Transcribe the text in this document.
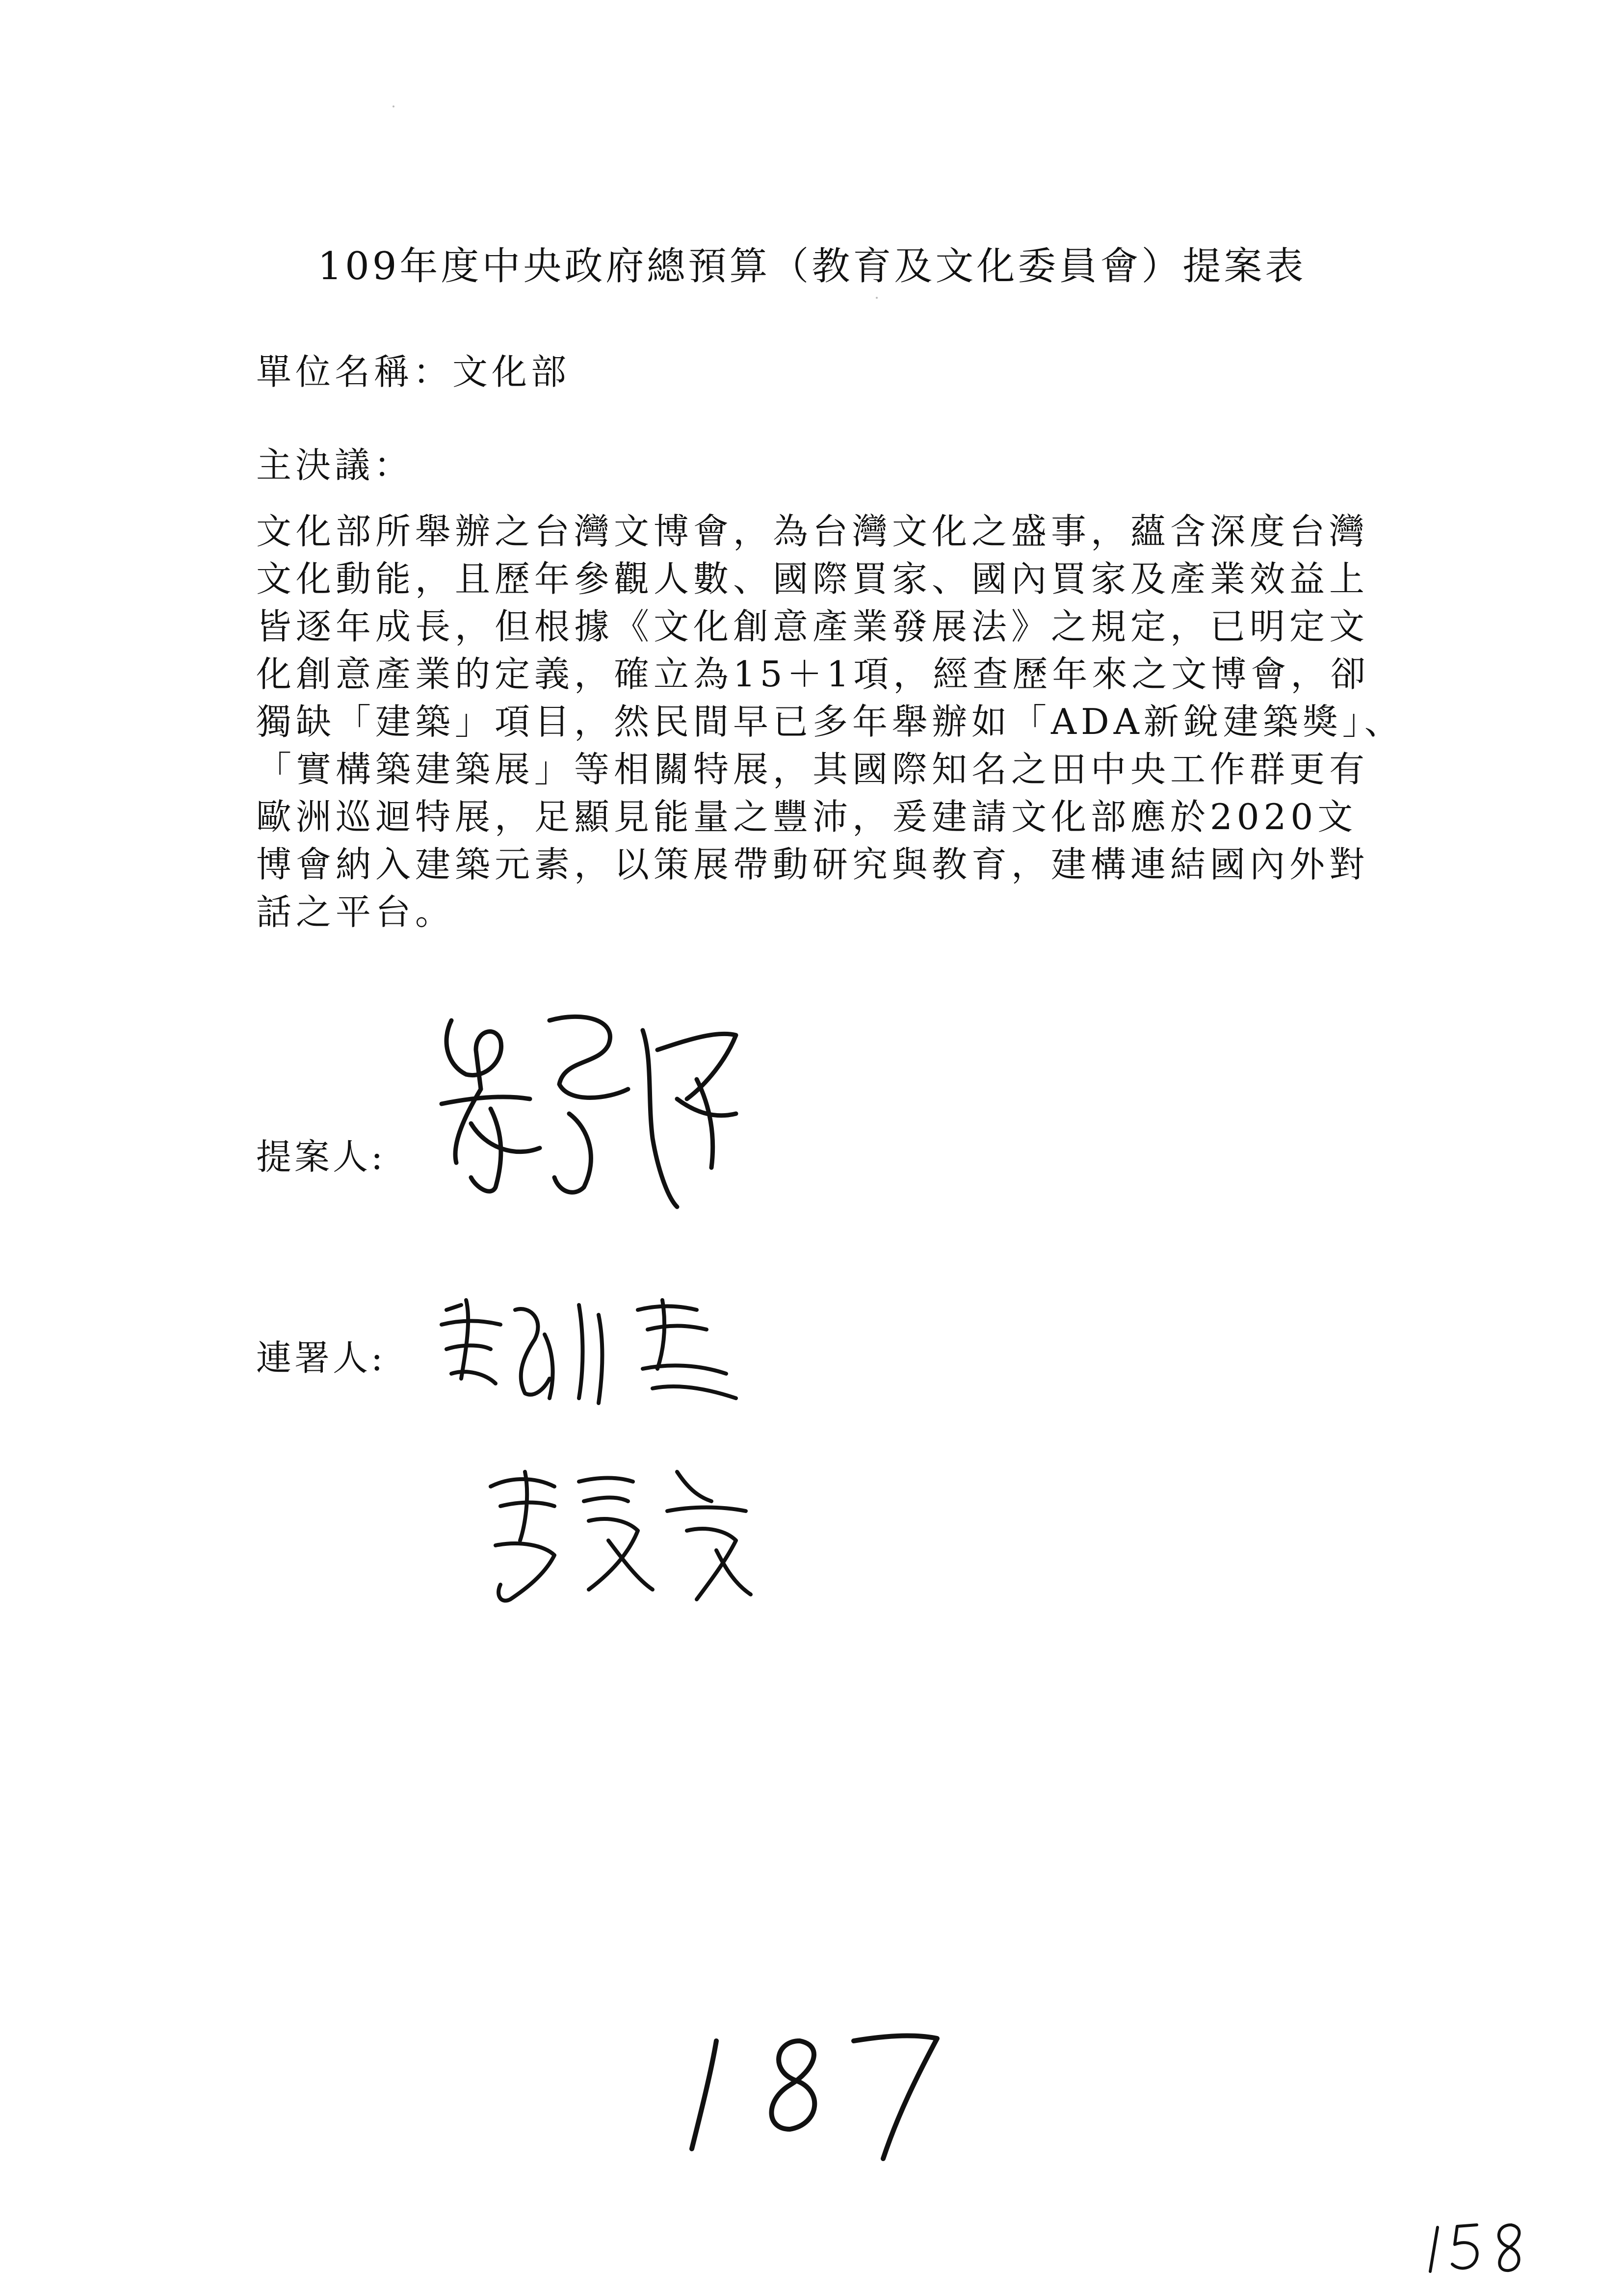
109年度中央政府總預算（教育及文化委員會）提案表
單位名稱：文化部
主決議：
文化部所舉辦之台灣文博會，為台灣文化之盛事，蘊含深度台灣
文化動能，且歷年參觀人數、國際買家、國內買家及產業效益上
皆逐年成長，但根據《文化創意產業發展法》之規定，已明定文
化創意產業的定義，確立為15＋1項，經查歷年來之文博會，卻
獨缺「建築」項目，然民間早已多年舉辦如「ADA新銳建築獎」、
「實構築建築展」等相關特展，其國際知名之田中央工作群更有
歐洲巡迴特展，足顯見能量之豐沛，爰建請文化部應於2020文
博會納入建築元素，以策展帶動研究與教育，建構連結國內外對
話之平台。
提案人:
連署人:
